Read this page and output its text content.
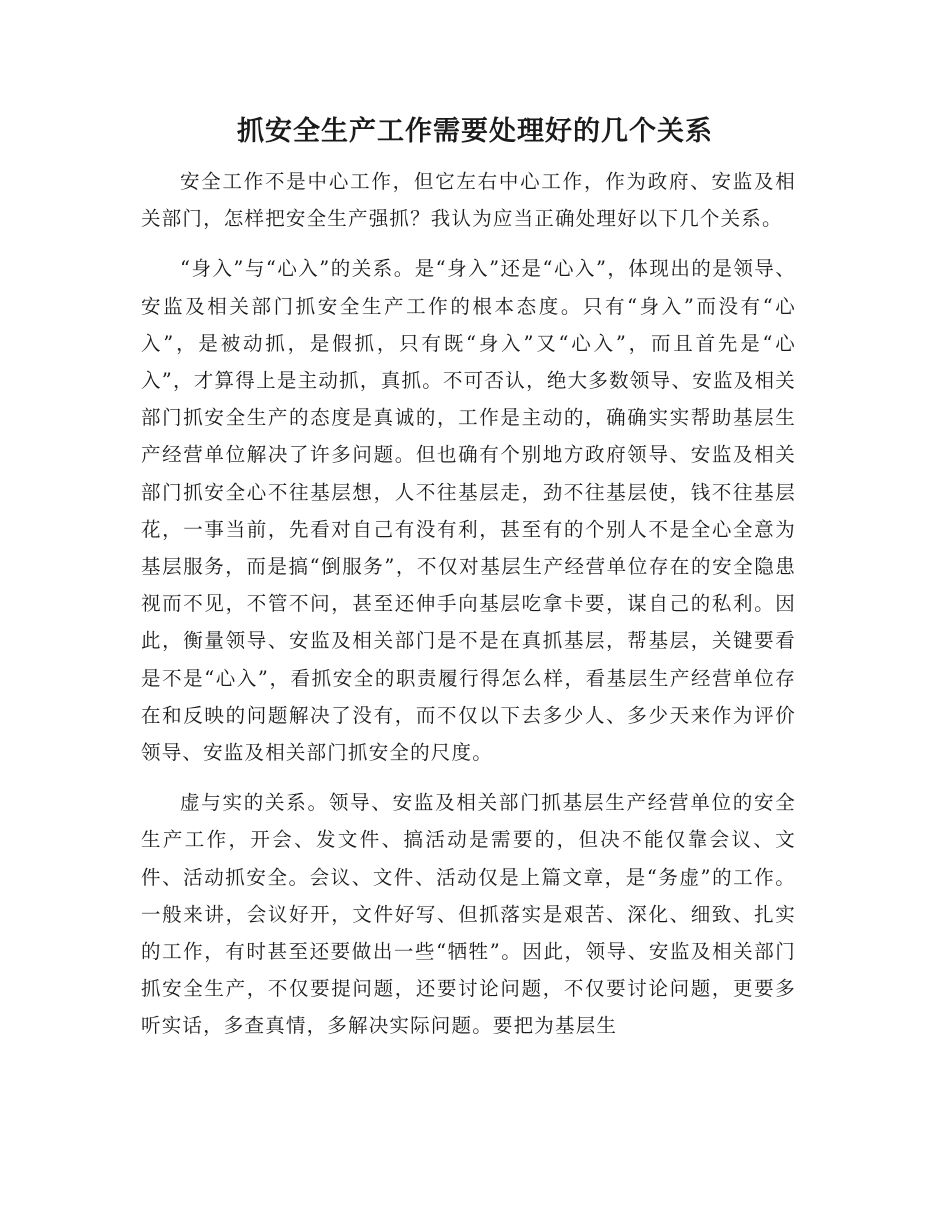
抓安全生产工作需要处理好的几个关系

安全工作不是中心工作，但它左右中心工作，作为政府、安监及相关部门，怎样把安全生产强抓？我认为应当正确处理好以下几个关系。

“身入”与“心入”的关系。是“身入”还是“心入”，体现出的是领导、安监及相关部门抓安全生产工作的根本态度。只有“身入”而没有“心入”，是被动抓，是假抓，只有既“身入”又“心入”，而且首先是“心入”，才算得上是主动抓，真抓。不可否认，绝大多数领导、安监及相关部门抓安全生产的态度是真诚的，工作是主动的，确确实实帮助基层生产经营单位解决了许多问题。但也确有个别地方政府领导、安监及相关部门抓安全心不往基层想，人不往基层走，劲不往基层使，钱不往基层花，一事当前，先看对自己有没有利，甚至有的个别人不是全心全意为基层服务，而是搞“倒服务”，不仅对基层生产经营单位存在的安全隐患视而不见，不管不问，甚至还伸手向基层吃拿卡要，谋自己的私利。因此，衡量领导、安监及相关部门是不是在真抓基层，帮基层，关键要看是不是“心入”，看抓安全的职责履行得怎么样，看基层生产经营单位存在和反映的问题解决了没有，而不仅以下去多少人、多少天来作为评价领导、安监及相关部门抓安全的尺度。

虚与实的关系。领导、安监及相关部门抓基层生产经营单位的安全生产工作，开会、发文件、搞活动是需要的，但决不能仅靠会议、文件、活动抓安全。会议、文件、活动仅是上篇文章，是“务虚”的工作。一般来讲，会议好开，文件好写、但抓落实是艰苦、深化、细致、扎实的工作，有时甚至还要做出一些“牺牲”。因此，领导、安监及相关部门抓安全生产，不仅要提问题，还要讨论问题，不仅要讨论问题，更要多听实话，多查真情，多解决实际问题。要把为基层生
